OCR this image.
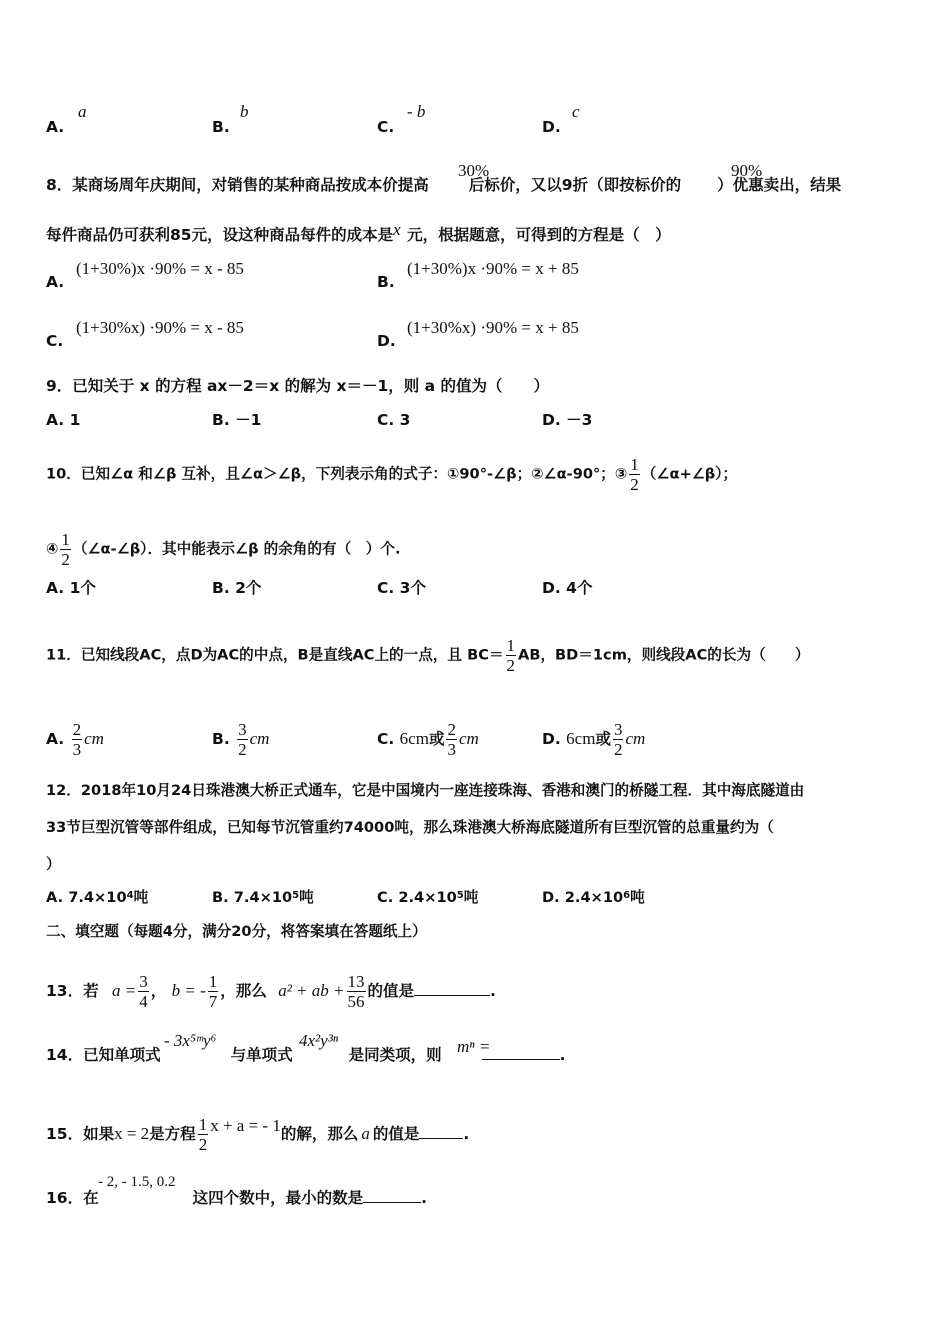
A.
a
B.
b
C.
- b
D.
c
8．某商场周年庆期间，对销售的某种商品按成本价提高	后标价，又以9折（即按标价的 ）优惠卖出，结果
30%	90%
每件商品仍可获利85元，设这种商品每件的成本是x 元，根据题意，可得到的方程是（　）
A.
(1+30%)x ·90% = x - 85
B.
(1+30%)x ·90% = x + 85
C.
(1+30%x) ·90% = x - 85
D.
(1+30%x) ·90% = x + 85
9．已知关于 x 的方程 ax－2＝x 的解为 x＝－1，则 a 的值为（　　）
A. 1	B. －1	C. 3	D. －3
10．已知∠α 和∠β 互补，且∠α＞∠β，下列表示角的式子：①90°-∠β；②∠α-90°；③ $\frac{1}{2}$ （∠α+∠β）；
④ $\frac{1}{2}$ （∠α-∠β）．其中能表示∠β 的余角的有（　）个.
A. 1个	B. 2个	C. 3个	D. 4个
11．已知线段AC，点D为AC的中点，B是直线AC上的一点，且 $BC= \frac{1}{2}$ AB，BD＝1cm，则线段AC的长为（　　）
A. $\frac{2}{3}$ cm	B. $\frac{3}{2}$ cm	C. 6cm或 $\frac{2}{3}$ cm	D. 6cm或 $\frac{3}{2}$ cm
12．2018年10月24日珠港澳大桥正式通车，它是中国境内一座连接珠海、香港和澳门的桥隧工程．其中海底隧道由
33节巨型沉管等部件组成，已知每节沉管重约74000吨，那么珠港澳大桥海底隧道所有巨型沉管的总重量约为（
）
A. $7.4\times 10^4$吨	B. $7.4\times 10^5$吨	C. $2.4\times 10^5$吨	D. $2.4\times 10^6$吨
二、填空题（每题4分，满分20分，将答案填在答题纸上）
13．若 $a = \frac{3}{4}$ ， b = - $\frac{1}{7}$ ，那么 a² + ab + $\frac{13}{56}$ 的值是	.
14．已知单项式	与单项式	是同类项，则	.
- 3x⁵ᵐy⁶	4x²y³ⁿ	mⁿ =
15．如果x = 2是方程 $\frac{1}{2}$ x + a = - 1的解，那么 a 的值是	.
16．在	这四个数中，最小的数是	.
- 2, - 1.5, 0.2
